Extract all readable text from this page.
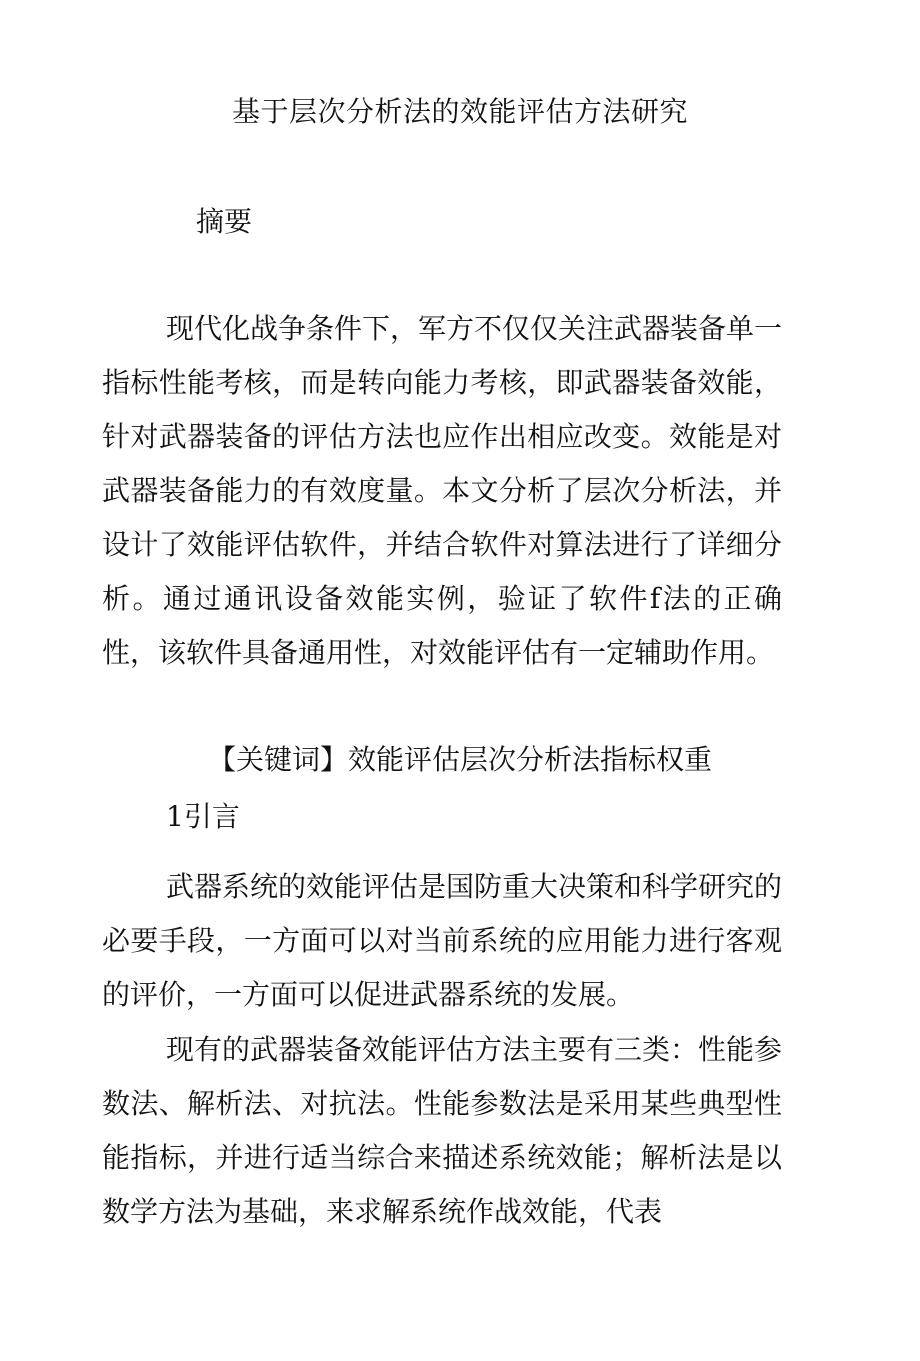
基于层次分析法的效能评估方法研究
摘要

现代化战争条件下，军方不仅仅关注武器装备单一指标性能考核，而是转向能力考核，即武器装备效能，针对武器装备的评估方法也应作出相应改变。效能是对武器装备能力的有效度量。本文分析了层次分析法，并设计了效能评估软件，并结合软件对算法进行了详细分析。通过通讯设备效能实例，验证了软件f法的正确性，该软件具备通用性，对效能评估有一定辅助作用。

【关键词】效能评估层次分析法指标权重
1引言

武器系统的效能评估是国防重大决策和科学研究的必要手段，一方面可以对当前系统的应用能力进行客观的评价，一方面可以促进武器系统的发展。

现有的武器装备效能评估方法主要有三类：性能参数法、解析法、对抗法。性能参数法是采用某些典型性能指标，并进行适当综合来描述系统效能；解析法是以数学方法为基础，来求解系统作战效能，代表
